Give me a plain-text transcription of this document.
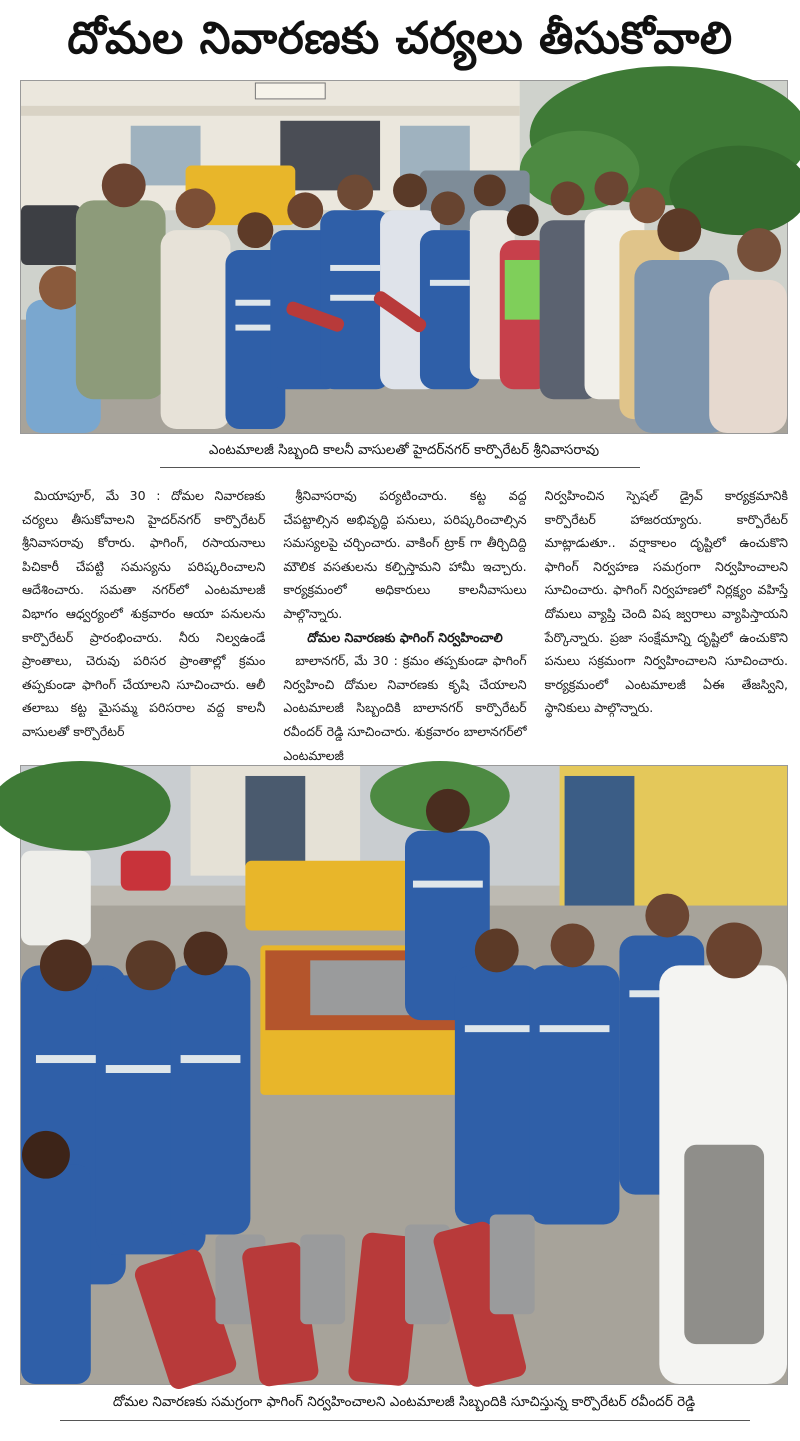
దోమల నివారణకు చర్యలు తీసుకోవాలి
ఎంటమాలజీ సిబ్బంది కాలనీ వాసులతో హైదర్‌నగర్ కార్పొరేటర్ శ్రీనివాసరావు

మియాపూర్, మే 30 : దోమల నివారణకు చర్యలు తీసుకోవాలని హైదర్‌నగర్ కార్పొరేటర్ శ్రీనివాసరావు కోరారు. ఫాగింగ్, రసాయనాలు పిచికారీ చేపట్టి సమస్యను పరిష్కరించాలని ఆదేశించారు. సమతా నగర్‌లో ఎంటమాలజీ విభాగం ఆధ్వర్యంలో శుక్రవారం ఆయా పనులను కార్పొరేటర్ ప్రారంభించారు. నీరు నిల్వఉండే ప్రాంతాలు, చెరువు పరిసర ప్రాంతాల్లో క్రమం తప్పకుండా ఫాగింగ్ చేయాలని సూచించారు. ఆలీ తలాబు కట్ట మైసమ్మ పరిసరాల వద్ద కాలనీ వాసులతో కార్పొరేటర్

శ్రీనివాసరావు పర్యటించారు. కట్ట వద్ద చేపట్టాల్సిన అభివృద్ధి పనులు, పరిష్కరించాల్సిన సమస్యలపై చర్చించారు. వాకింగ్ ట్రాక్ గా తీర్చిదిద్ది మౌలిక వసతులను కల్పిస్తామని హామీ ఇచ్చారు. కార్యక్రమంలో అధికారులు కాలనీవాసులు పాల్గొన్నారు.

దోమల నివారణకు ఫాగింగ్ నిర్వహించాలి

బాలానగర్, మే 30 : క్రమం తప్పకుండా ఫాగింగ్ నిర్వహించి దోమల నివారణకు కృషి చేయాలని ఎంటమాలజీ సిబ్బందికి బాలానగర్ కార్పొరేటర్ రవీందర్ రెడ్డి సూచించారు. శుక్రవారం బాలానగర్‌లో ఎంటమాలజీ

నిర్వహించిన స్పెషల్ డ్రైవ్ కార్యక్రమానికి కార్పొరేటర్ హాజరయ్యారు. కార్పొరేటర్ మాట్లాడుతూ.. వర్షాకాలం దృష్టిలో ఉంచుకొని ఫాగింగ్ నిర్వహణ సమగ్రంగా నిర్వహించాలని సూచించారు. ఫాగింగ్ నిర్వహణలో నిర్లక్ష్యం వహిస్తే దోమలు వ్యాప్తి చెంది విష జ్వరాలు వ్యాపిస్తాయని పేర్కొన్నారు. ప్రజా సంక్షేమాన్ని దృష్టిలో ఉంచుకొని పనులు సక్రమంగా నిర్వహించాలని సూచించారు. కార్యక్రమంలో ఎంటమాలజీ ఏఈ తేజస్విని, స్థానికులు పాల్గొన్నారు.

దోమల నివారణకు సమగ్రంగా ఫాగింగ్ నిర్వహించాలని ఎంటమాలజీ సిబ్బందికి సూచిస్తున్న కార్పొరేటర్ రవీందర్ రెడ్డి
